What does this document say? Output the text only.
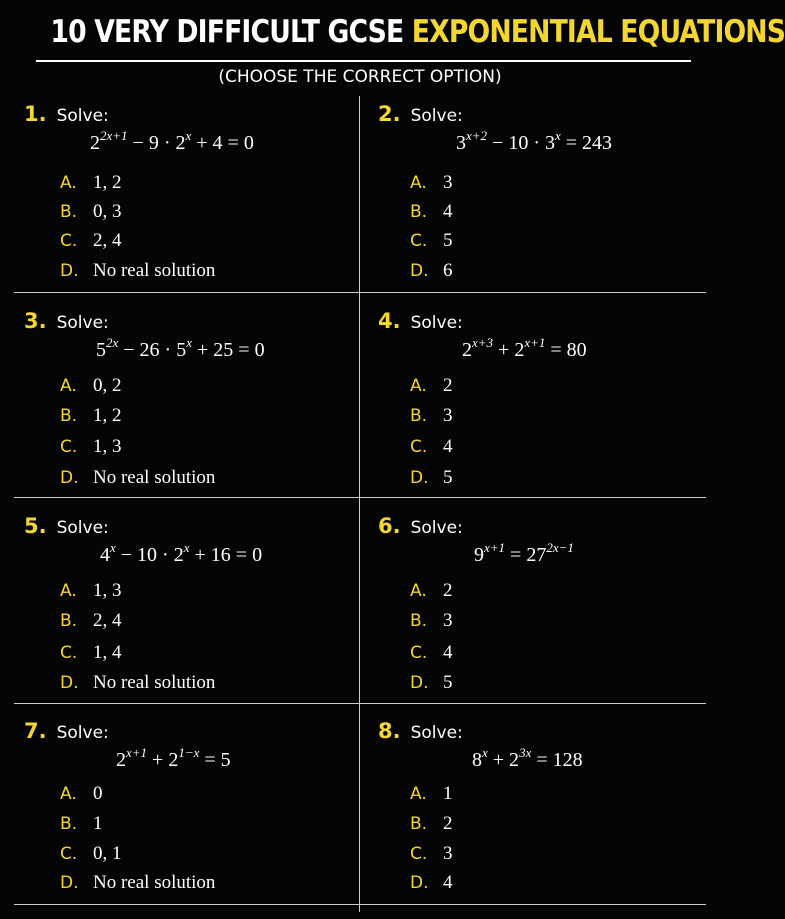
10 VERY DIFFICULT GCSE EXPONENTIAL EQUATIONS
(CHOOSE THE CORRECT OPTION)
1. Solve:
$2^{2x+1} - 9 \cdot 2^x + 4 = 0$
A. 1, 2
B. 0, 3
C. 2, 4
D. No real solution
2. Solve:
$3^{x+2} - 10 \cdot 3^x = 243$
A. 3
B. 4
C. 5
D. 6
3. Solve:
$5^{2x} - 26 \cdot 5^x + 25 = 0$
A. 0, 2
B. 1, 2
C. 1, 3
D. No real solution
4. Solve:
$2^{x+3} + 2^{x+1} = 80$
A. 2
B. 3
C. 4
D. 5
5. Solve:
$4^x - 10 \cdot 2^x + 16 = 0$
A. 1, 3
B. 2, 4
C. 1, 4
D. No real solution
6. Solve:
$9^{x+1} = 27^{2x-1}$
A. 2
B. 3
C. 4
D. 5
7. Solve:
$2^{x+1} + 2^{1-x} = 5$
A. 0
B. 1
C. 0, 1
D. No real solution
8. Solve:
$8^x + 2^{3x} = 128$
A. 1
B. 2
C. 3
D. 4
